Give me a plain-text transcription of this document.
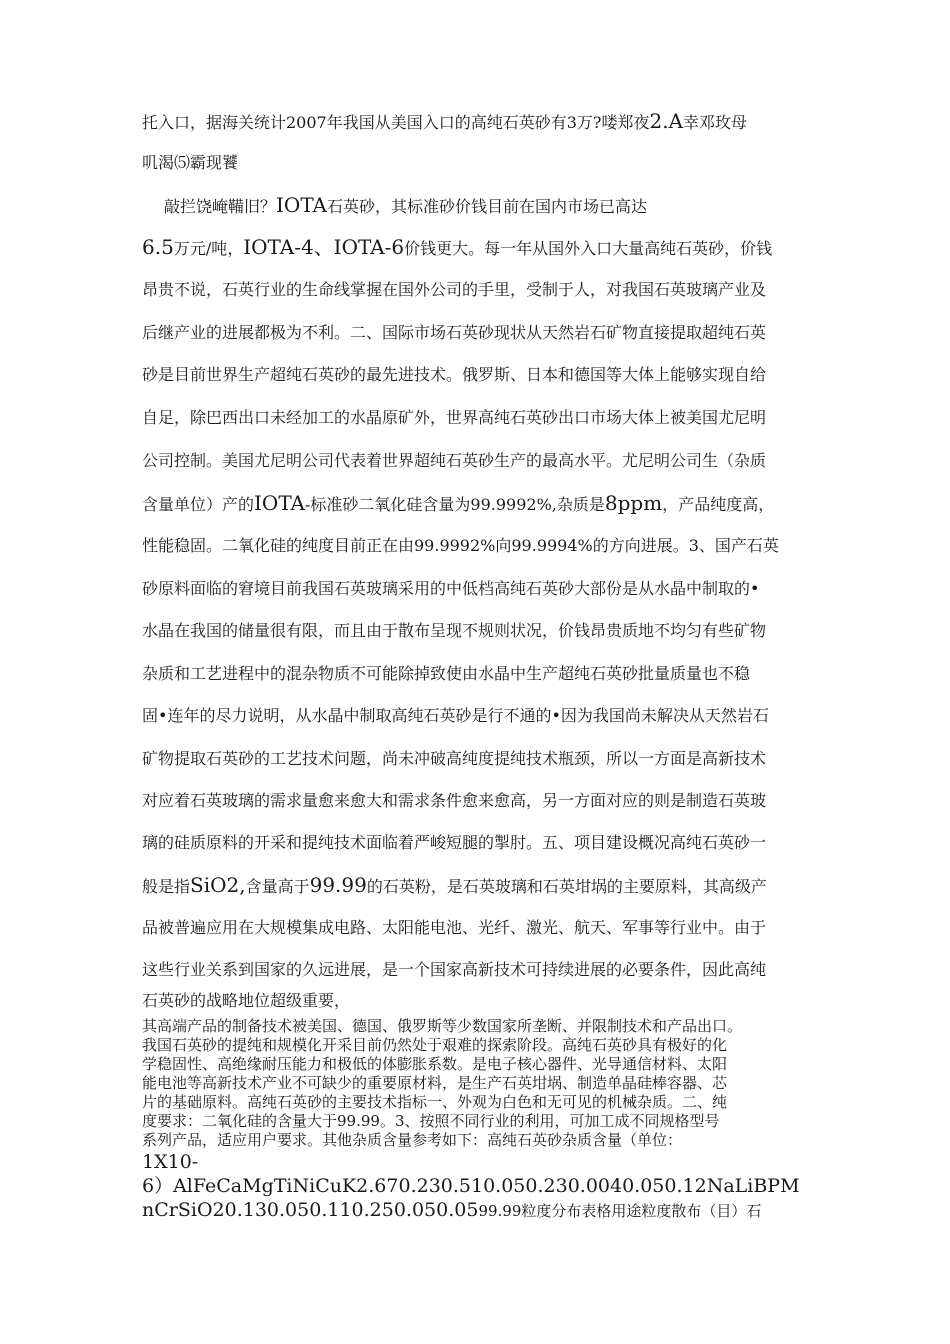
托入口，据海关统计2007年我国从美国入口的高纯石英砂有3万?喽郑夜2.A幸邓玫母
叽渴⑸霸现饕
敲拦饶崦鞴旧？IOTA石英砂，其标准砂价钱目前在国内市场已高达
6.5万元/吨，IOTA-4、IOTA-6价钱更大。每一年从国外入口大量高纯石英砂，价钱
昂贵不说，石英行业的生命线掌握在国外公司的手里，受制于人，对我国石英玻璃产业及
后继产业的进展都极为不利。二、国际市场石英砂现状从天然岩石矿物直接提取超纯石英
砂是目前世界生产超纯石英砂的最先进技术。俄罗斯、日本和德国等大体上能够实现自给
自足，除巴西出口未经加工的水晶原矿外，世界高纯石英砂出口市场大体上被美国尤尼明
公司控制。美国尤尼明公司代表着世界超纯石英砂生产的最高水平。尤尼明公司生（杂质
含量单位）产的IOTA-标准砂二氧化硅含量为99.9992%,杂质是8ppm，产品纯度高，
性能稳固。二氧化硅的纯度目前正在由99.9992%向99.9994%的方向进展。3、国产石英
砂原料面临的窘境目前我国石英玻璃采用的中低档高纯石英砂大部份是从水晶中制取的•
水晶在我国的储量很有限，而且由于散布呈现不规则状况，价钱昂贵质地不均匀有些矿物
杂质和工艺进程中的混杂物质不可能除掉致使由水晶中生产超纯石英砂批量质量也不稳
固•连年的尽力说明，从水晶中制取高纯石英砂是行不通的•因为我国尚未解决从天然岩石
矿物提取石英砂的工艺技术问题，尚未冲破高纯度提纯技术瓶颈，所以一方面是高新技术
对应着石英玻璃的需求量愈来愈大和需求条件愈来愈高，另一方面对应的则是制造石英玻
璃的硅质原料的开采和提纯技术面临着严峻短腿的掣肘。五、项目建设概况高纯石英砂一
般是指SiO2,含量高于99.99的石英粉，是石英玻璃和石英坩埚的主要原料，其高级产
品被普遍应用在大规模集成电路、太阳能电池、光纤、激光、航天、军事等行业中。由于
这些行业关系到国家的久远进展，是一个国家高新技术可持续进展的必要条件，因此高纯
石英砂的战略地位超级重要，
其高端产品的制备技术被美国、德国、俄罗斯等少数国家所垄断、并限制技术和产品出口。
我国石英砂的提纯和规模化开采目前仍然处于艰难的探索阶段。高纯石英砂具有极好的化
学稳固性、高绝缘耐压能力和极低的体膨胀系数。是电子核心器件、光导通信材料、太阳
能电池等高新技术产业不可缺少的重要原材料，是生产石英坩埚、制造单晶硅棒容器、芯
片的基础原料。高纯石英砂的主要技术指标一、外观为白色和无可见的机械杂质。二、纯
度要求：二氧化硅的含量大于99.99。3、按照不同行业的利用，可加工成不同规格型号
系列产品，适应用户要求。其他杂质含量参考如下：高纯石英砂杂质含量（单位：
1X10-
6）AlFeCaMgTiNiCuK2.670.230.510.050.230.0040.050.12NaLiBPM
nCrSiO20.130.050.110.250.050.0599.99粒度分布表格用途粒度散布（目）石
